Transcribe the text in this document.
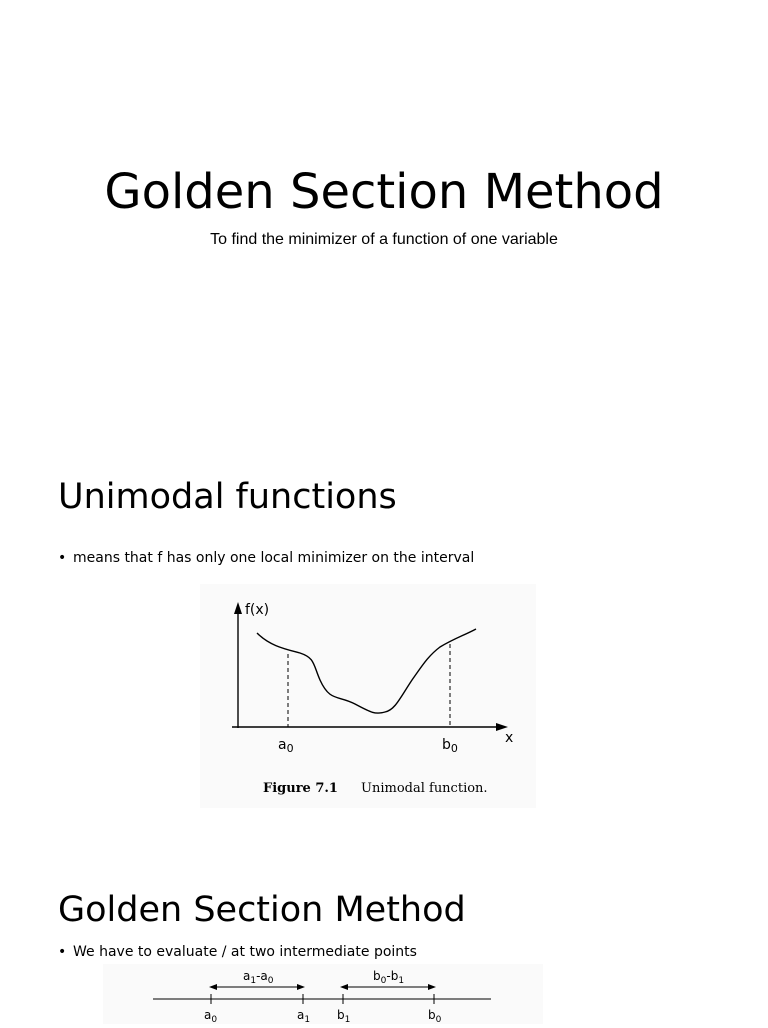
Golden Section Method
To find the minimizer of a function of one variable
Unimodal functions
• means that f has only one local minimizer on the interval
f(x)
x
$a_0$	$b_0$
Figure 7.1 Unimodal function.
Golden Section Method
• We have to evaluate / at two intermediate points
$a_1-a_0$	$b_0-b_1$
$a_0$	$a_1$ $b_1$	$b_0$
